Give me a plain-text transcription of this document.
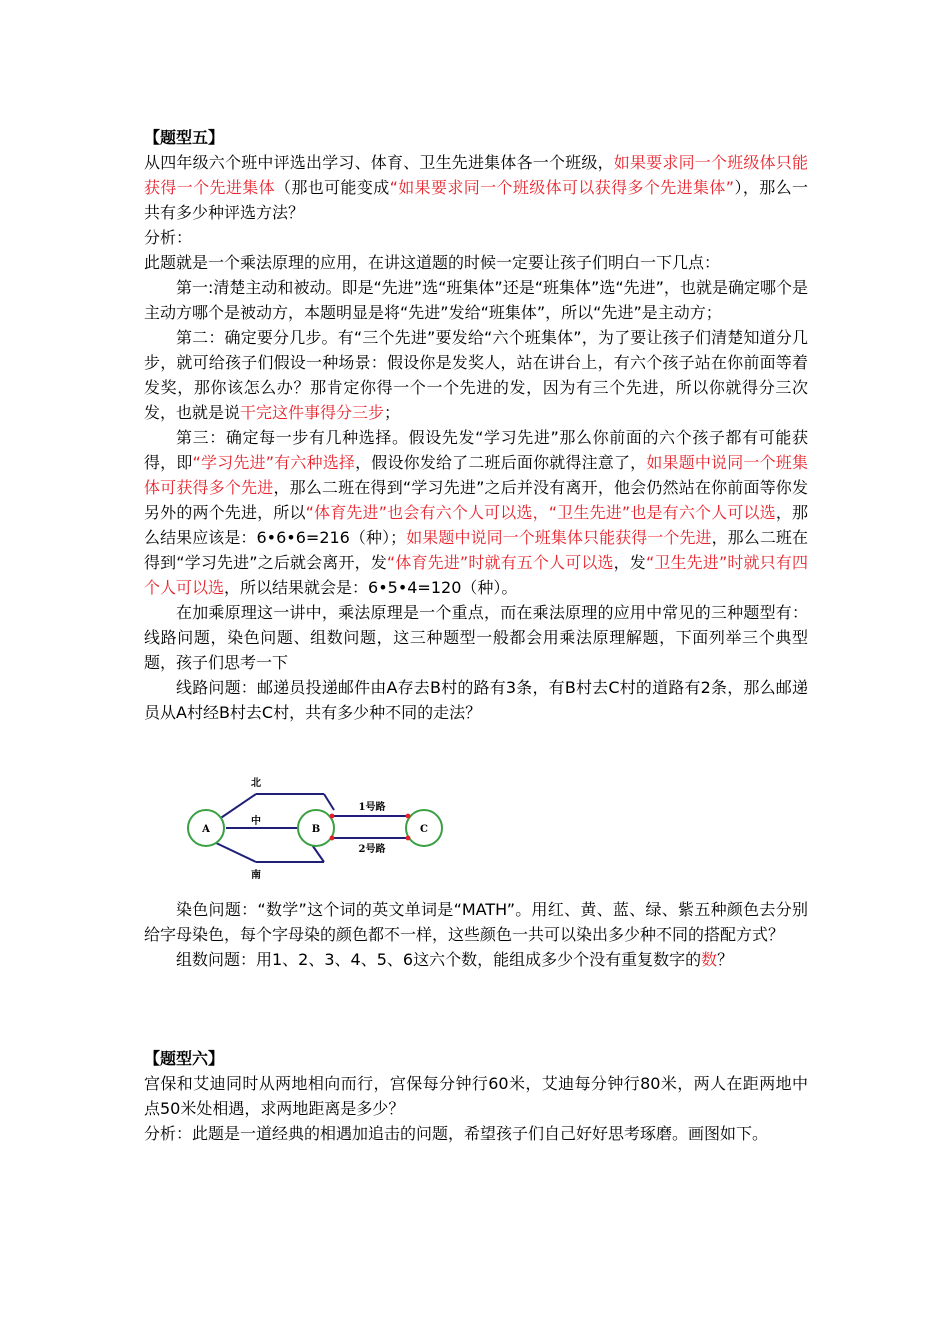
【题型五】

从四年级六个班中评选出学习、体育、卫生先进集体各一个班级，如果要求同一个班级体只能获得一个先进集体（那也可能变成“如果要求同一个班级体可以获得多个先进集体”），那么一共有多少种评选方法？

分析：

此题就是一个乘法原理的应用，在讲这道题的时候一定要让孩子们明白一下几点：

第一:清楚主动和被动。即是“先进”选“班集体”还是“班集体”选“先进”，也就是确定哪个是主动方哪个是被动方，本题明显是将“先进”发给“班集体”，所以“先进”是主动方；

第二：确定要分几步。有“三个先进”要发给“六个班集体”，为了要让孩子们清楚知道分几步，就可给孩子们假设一种场景：假设你是发奖人，站在讲台上，有六个孩子站在你前面等着发奖，那你该怎么办？那肯定你得一个一个先进的发，因为有三个先进，所以你就得分三次发，也就是说干完这件事得分三步；

第三：确定每一步有几种选择。假设先发“学习先进”那么你前面的六个孩子都有可能获得，即“学习先进”有六种选择，假设你发给了二班后面你就得注意了，如果题中说同一个班集体可获得多个先进，那么二班在得到“学习先进”之后并没有离开，他会仍然站在你前面等你发另外的两个先进，所以“体育先进”也会有六个人可以选，“卫生先进”也是有六个人可以选，那么结果应该是：6•6•6=216（种）；如果题中说同一个班集体只能获得一个先进，那么二班在得到“学习先进”之后就会离开，发“体育先进”时就有五个人可以选，发“卫生先进”时就只有四个人可以选，所以结果就会是：6•5•4=120（种）。

在加乘原理这一讲中，乘法原理是一个重点，而在乘法原理的应用中常见的三种题型有：线路问题，染色问题、组数问题，这三种题型一般都会用乘法原理解题，下面列举三个典型题，孩子们思考一下

线路问题：邮递员投递邮件由A存去B村的路有3条，有B村去C村的道路有2条，那么邮递员从A村经B村去C村，共有多少种不同的走法？

A	B	C
北
中
南
1号路
2号路

染色问题：“数学”这个词的英文单词是“MATH”。用红、黄、蓝、绿、紫五种颜色去分别给字母染色，每个字母染的颜色都不一样，这些颜色一共可以染出多少种不同的搭配方式？

组数问题：用1、2、3、4、5、6这六个数，能组成多少个没有重复数字的数？

【题型六】

宫保和艾迪同时从两地相向而行，宫保每分钟行60米，艾迪每分钟行80米，两人在距两地中点50米处相遇，求两地距离是多少？

分析：此题是一道经典的相遇加追击的问题，希望孩子们自己好好思考琢磨。画图如下。
